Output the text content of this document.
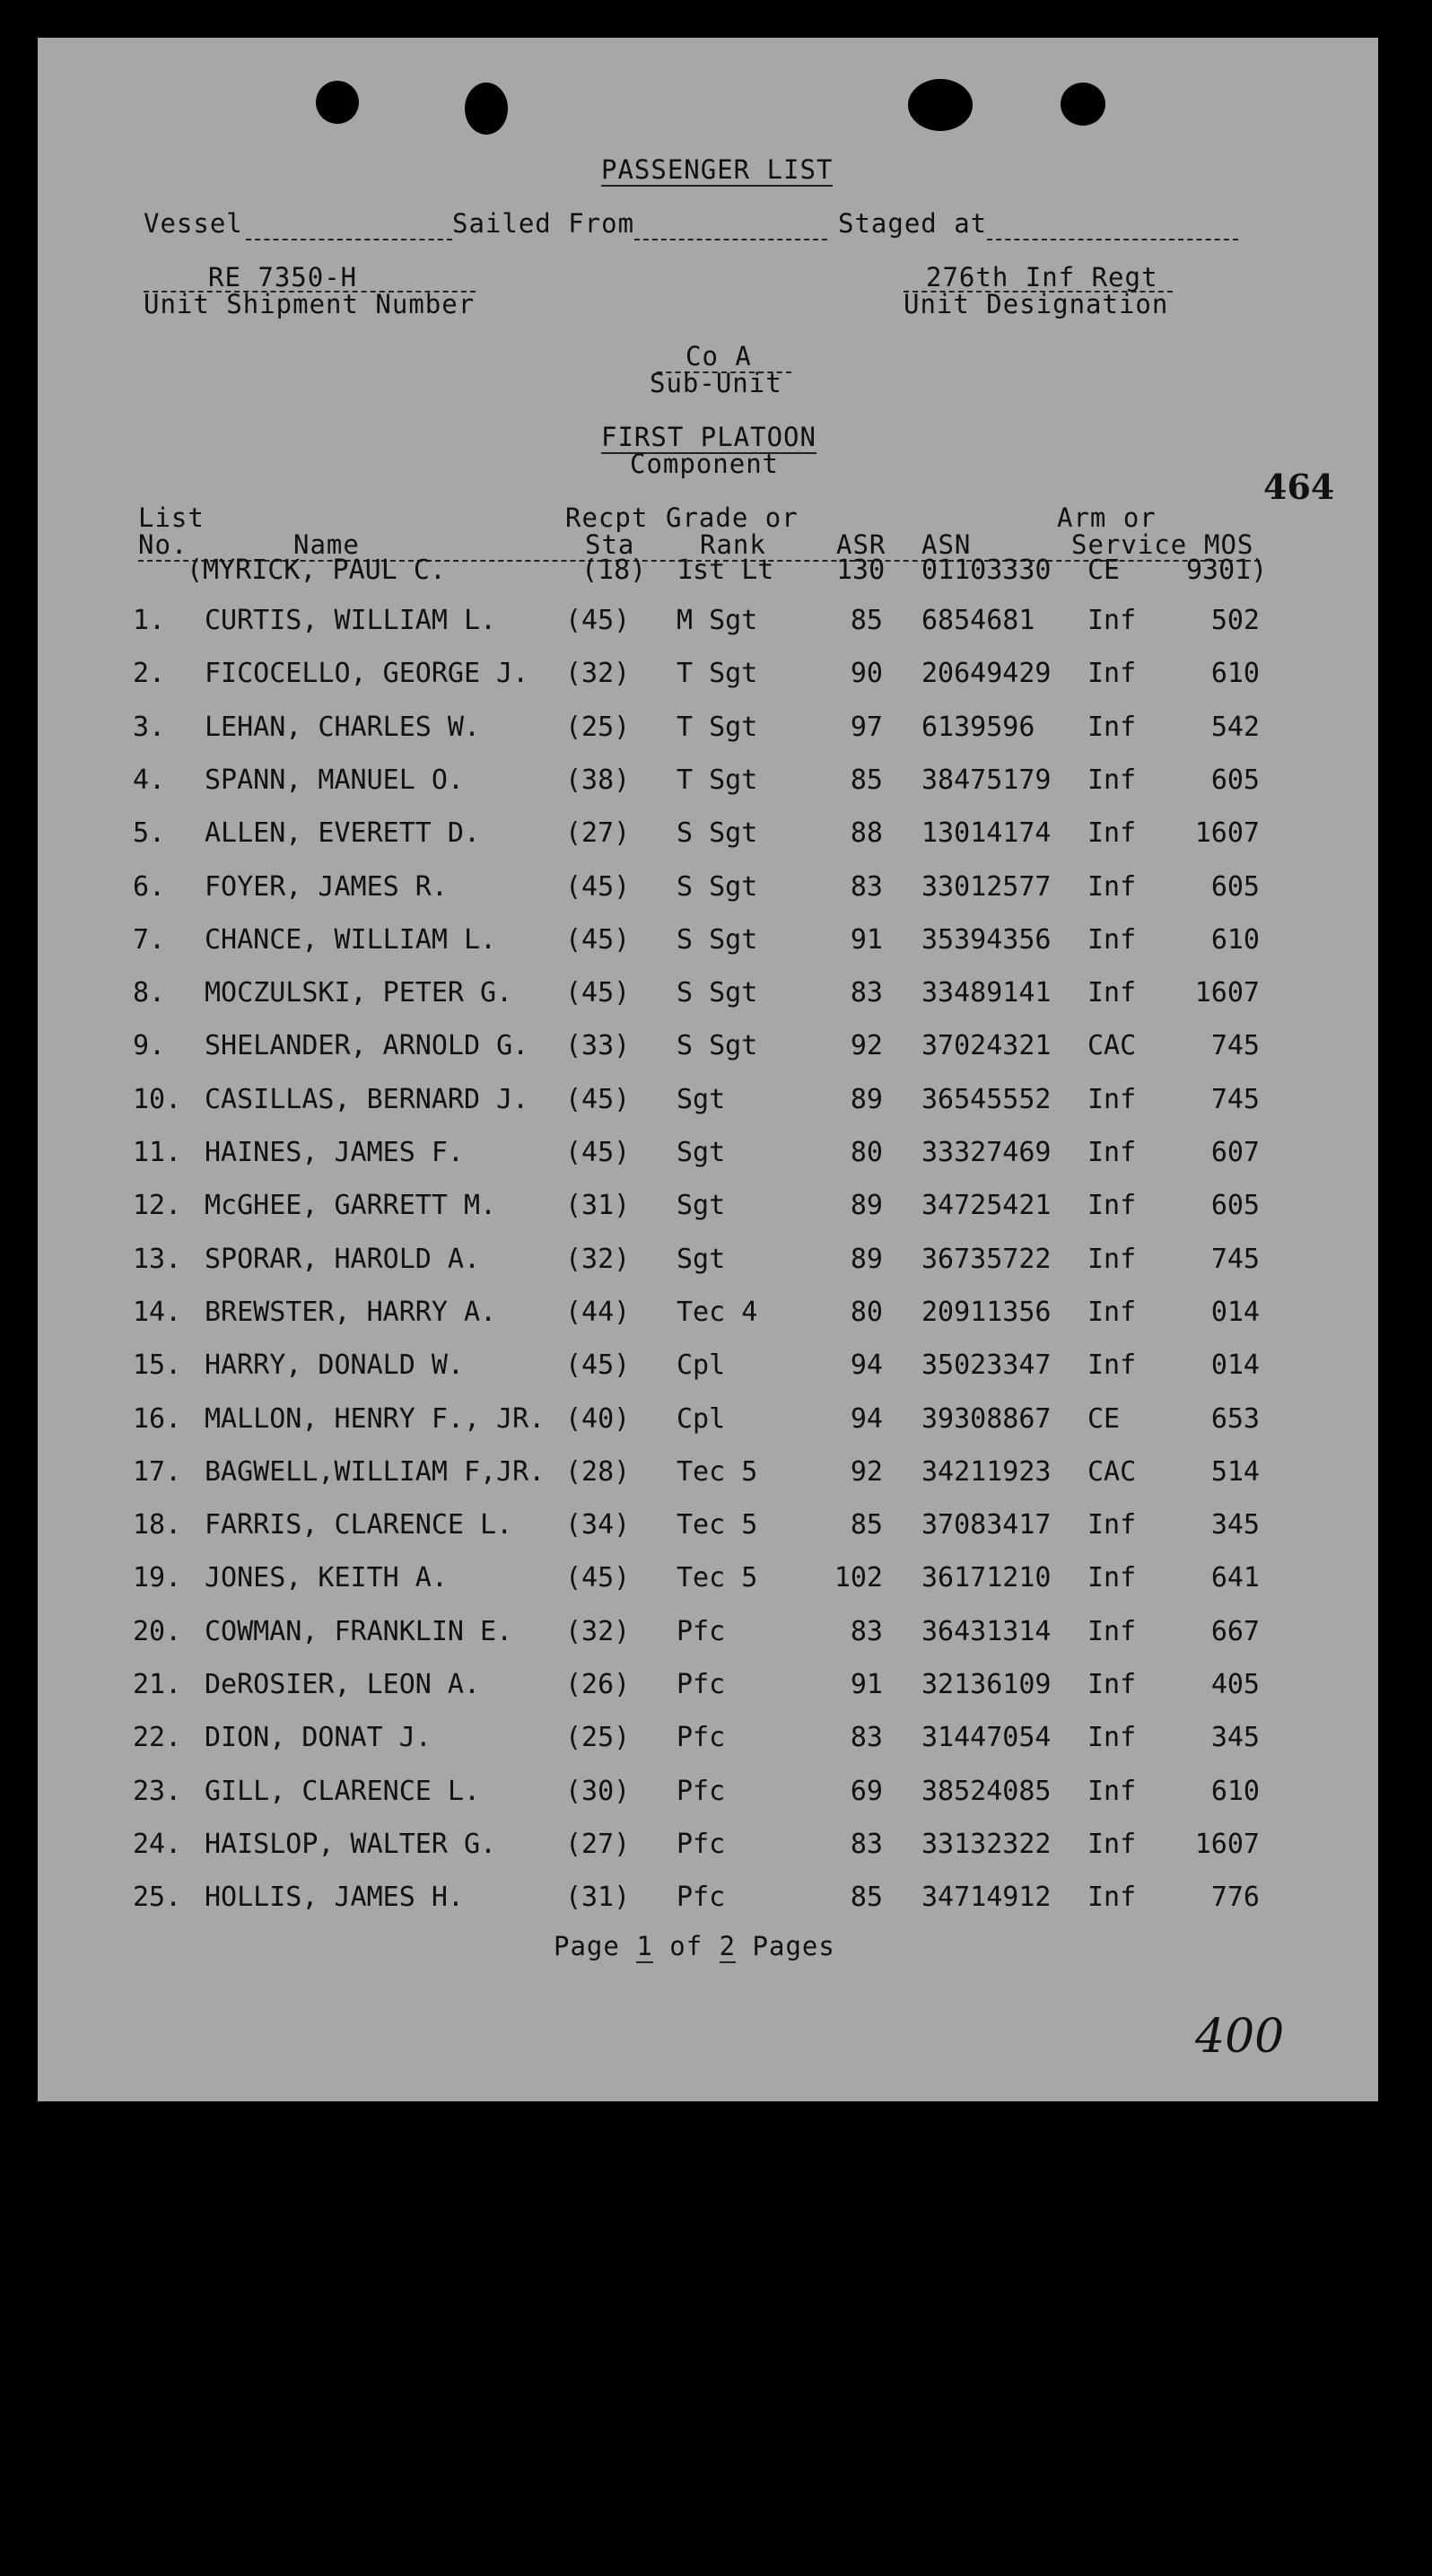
PASSENGER LIST
Vessel	Sailed From	Staged at
RE 7350-H
Unit Shipment Number
276th Inf Regt
Unit Designation
Co A
Sub-Unit
FIRST PLATOON
Component
464
List
No.	Name
Recpt
Sta
Grade or
Rank	ASR ASN
Arm or
Service MOS
(MYRICK, PAUL C.	(18) 1st Lt 130 01103330 CE 9301)
1. CURTIS, WILLIAM L.	(45) M Sgt	85 6854681 Inf	502
2. FICOCELLO, GEORGE J. (32) T Sgt	90 20649429 Inf	610
3. LEHAN, CHARLES W.	(25) T Sgt	97 6139596 Inf	542
4. SPANN, MANUEL O.	(38) T Sgt	85 38475179 Inf	605
5. ALLEN, EVERETT D.	(27) S Sgt	88 13014174 Inf 1607
6. FOYER, JAMES R.	(45) S Sgt	83 33012577 Inf	605
7. CHANCE, WILLIAM L.	(45) S Sgt	91 35394356 Inf	610
8. MOCZULSKI, PETER G. (45) S Sgt	83 33489141 Inf 1607
9. SHELANDER, ARNOLD G. (33) S Sgt	92 37024321 CAC	745
10. CASILLAS, BERNARD J. (45) Sgt	89 36545552 Inf	745
11. HAINES, JAMES F.	(45) Sgt	80 33327469 Inf	607
12. McGHEE, GARRETT M.	(31) Sgt	89 34725421 Inf	605
13. SPORAR, HAROLD A.	(32) Sgt	89 36735722 Inf	745
14. BREWSTER, HARRY A.	(44) Tec 4	80 20911356 Inf	014
15. HARRY, DONALD W.	(45) Cpl	94 35023347 Inf	014
16. MALLON, HENRY F., JR. (40) Cpl	94 39308867 CE	653
17. BAGWELL,WILLIAM F,JR. (28) Tec 5	92 34211923 CAC	514
18. FARRIS, CLARENCE L. (34) Tec 5	85 37083417 Inf	345
19. JONES, KEITH A.	(45) Tec 5	102 36171210 Inf	641
20. COWMAN, FRANKLIN E. (32) Pfc	83 36431314 Inf	667
21. DeROSIER, LEON A.	(26) Pfc	91 32136109 Inf	405
22. DION, DONAT J.	(25) Pfc	83 31447054 Inf	345
23. GILL, CLARENCE L.	(30) Pfc	69 38524085 Inf	610
24. HAISLOP, WALTER G.	(27) Pfc	83 33132322 Inf 1607
25. HOLLIS, JAMES H.	(31) Pfc	85 34714912 Inf	776
Page 1 of 2 Pages
400
